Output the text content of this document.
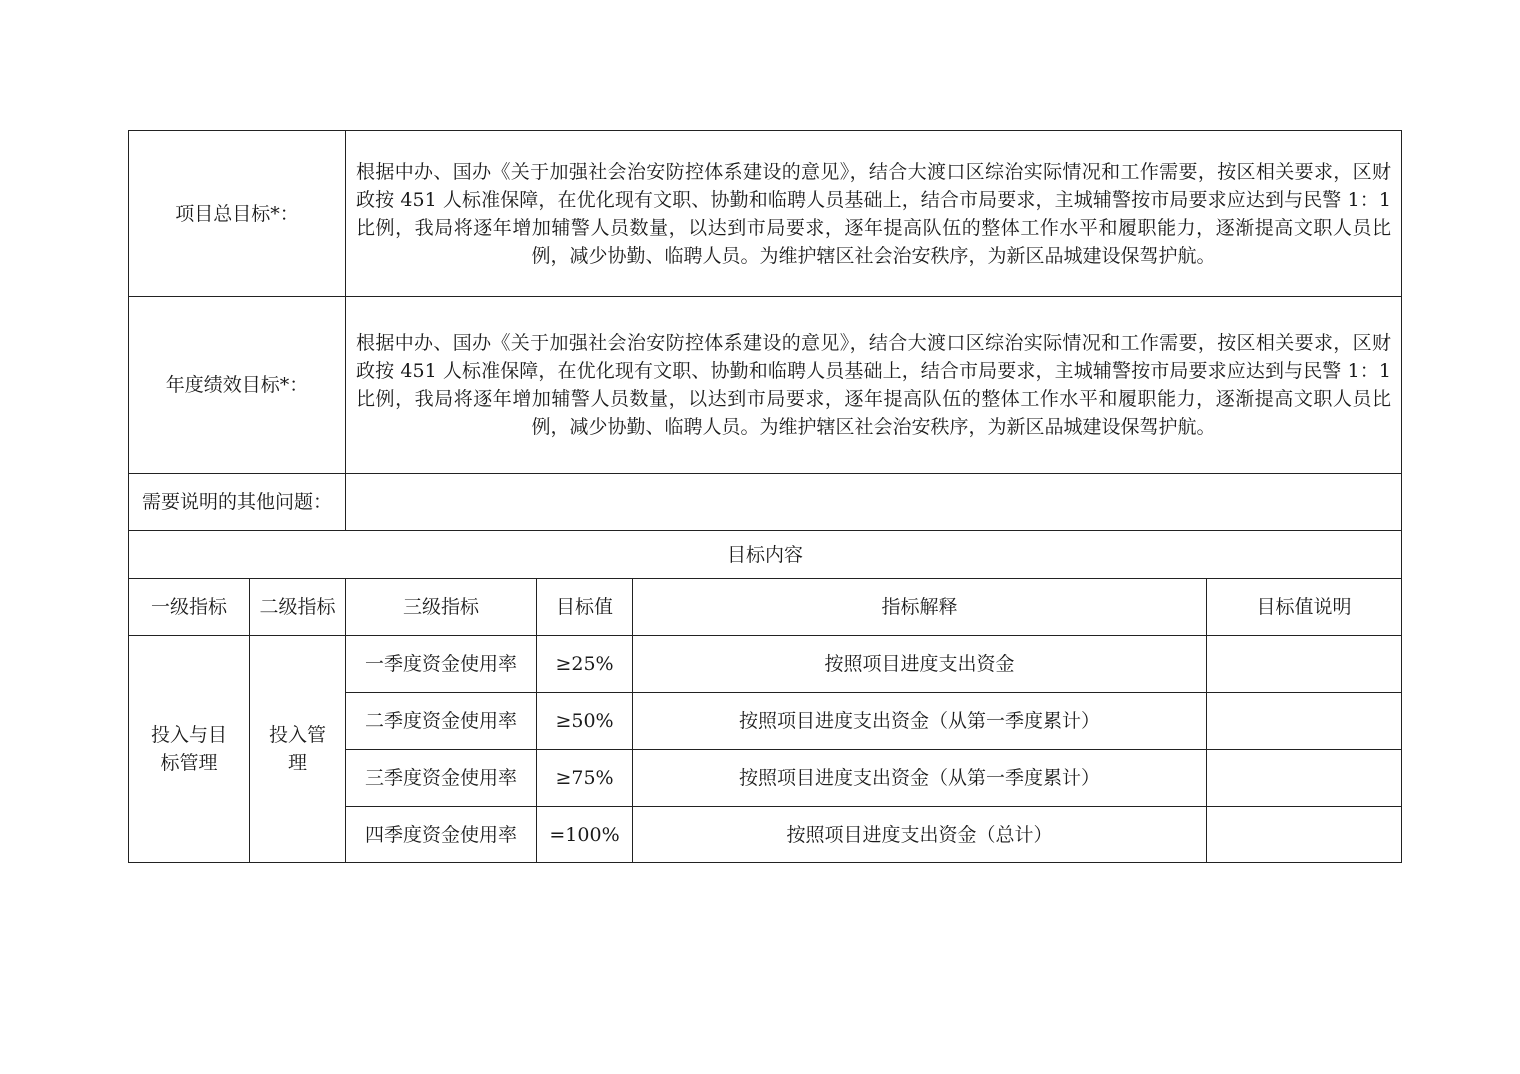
项目总目标*：		根据中办、国办《关于加强社会治安防控体系建设的意见》，结合大渡口区综治实际情况和工作需要，按区相关要求，区财政按 451 人标准保障，在优化现有文职、协勤和临聘人员基础上，结合市局要求，主城辅警按市局要求应达到与民警 1：1 比例，我局将逐年增加辅警人员数量，以达到市局要求，逐年提高队伍的整体工作水平和履职能力，逐渐提高文职人员比例，减少协勤、临聘人员。为维护辖区社会治安秩序，为新区品城建设保驾护航。			
年度绩效目标*：		根据中办、国办《关于加强社会治安防控体系建设的意见》，结合大渡口区综治实际情况和工作需要，按区相关要求，区财政按 451 人标准保障，在优化现有文职、协勤和临聘人员基础上，结合市局要求，主城辅警按市局要求应达到与民警 1：1 比例，我局将逐年增加辅警人员数量，以达到市局要求，逐年提高队伍的整体工作水平和履职能力，逐渐提高文职人员比例，减少协勤、临聘人员。为维护辖区社会治安秩序，为新区品城建设保驾护航。			
需要说明的其他问题：					
目标内容					
一级指标	二级指标	三级指标	目标值	指标解释	目标值说明
投入与目标管理	投入管理	一季度资金使用率	≥25%	按照项目进度支出资金	
		二季度资金使用率	≥50%	按照项目进度支出资金（从第一季度累计）	
		三季度资金使用率	≥75%	按照项目进度支出资金（从第一季度累计）	
		四季度资金使用率	=100%	按照项目进度支出资金（总计）	
